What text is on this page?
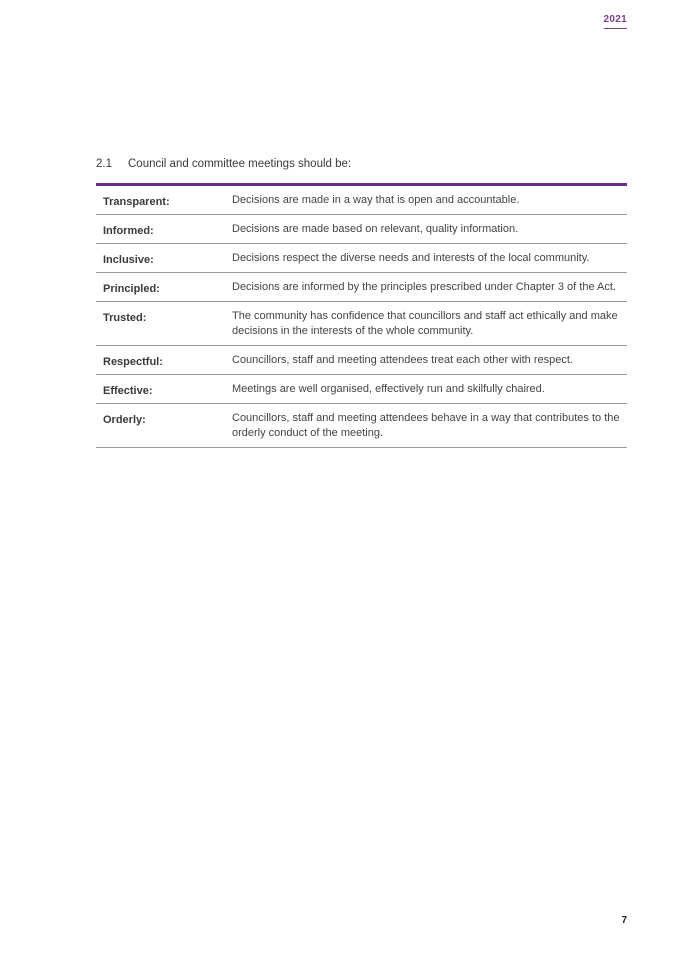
2021
2.1	Council and committee meetings should be:
Transparent:	Decisions are made in a way that is open and accountable.
Informed:	Decisions are made based on relevant, quality information.
Inclusive:	Decisions respect the diverse needs and interests of the local community.
Principled:	Decisions are informed by the principles prescribed under Chapter 3 of the Act.
Trusted:	The community has confidence that councillors and staff act ethically and make decisions in the interests of the whole community.
Respectful:	Councillors, staff and meeting attendees treat each other with respect.
Effective:	Meetings are well organised, effectively run and skilfully chaired.
Orderly:	Councillors, staff and meeting attendees behave in a way that contributes to the orderly conduct of the meeting.
7
